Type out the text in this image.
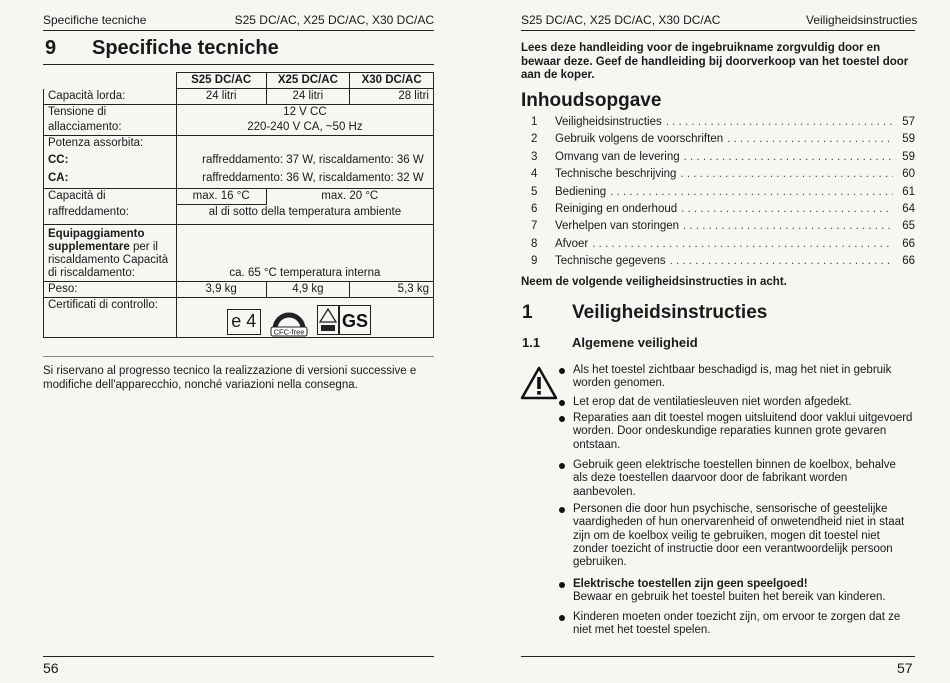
Specifiche tecniche	S25 DC/AC, X25 DC/AC, X30 DC/AC
9 Specifiche tecniche
	S25 DC/AC	X25 DC/AC	X30 DC/AC
Capacità lorda:	24 litri	24 litri	28 litri
Tensione di	12 V CC		
allacciamento:	220-240 V CA, ~50 Hz		
Potenza assorbita:			
CC:	raffreddamento: 37 W, riscaldamento: 36 W		
CA:	raffreddamento: 36 W, riscaldamento: 32 W		
Capacità di	max. 16 °C	max. 20 °C	
raffreddamento:	al di sotto della temperatura ambiente		
Equipaggiamento supplementare per il riscaldamento Capacità di riscaldamento:	ca. 65 °C temperatura interna		
Peso:	3,9 kg	4,9 kg	5,3 kg
Certificati di controllo:	e 4
CFC-free
GS		
Si riservano al progresso tecnico la realizzazione di versioni successive e modifiche dell'apparecchio, nonché variazioni nella consegna.
56
S25 DC/AC, X25 DC/AC, X30 DC/AC	Veiligheidsinstructies
Lees deze handleiding voor de ingebruikname zorgvuldig door en bewaar deze. Geef de handleiding bij doorverkoop van het toestel door aan de koper.
Inhoudsopgave
1	Veiligheidsinstructies . . .	57
2	Gebruik volgens de voorschriften . . .	59
3	Omvang van de levering . . .	59
4	Technische beschrijving . . .	60
5	Bediening . . .	61
6	Reiniging en onderhoud . . .	64
7	Verhelpen van storingen . . .	65
8	Afvoer . . .	66
9	Technische gegevens . . .	66
Neem de volgende veiligheidsinstructies in acht.
1 Veiligheidsinstructies
1.1 Algemene veiligheid
Als het toestel zichtbaar beschadigd is, mag het niet in gebruik worden genomen.
Let erop dat de ventilatiesleuven niet worden afgedekt.
Reparaties aan dit toestel mogen uitsluitend door vaklui uitgevoerd worden. Door ondeskundige reparaties kunnen grote gevaren ontstaan.
Gebruik geen elektrische toestellen binnen de koelbox, behalve als deze toestellen daarvoor door de fabrikant worden aanbevolen.
Personen die door hun psychische, sensorische of geestelijke vaardigheden of hun onervarenheid of onwetendheid niet in staat zijn om de koelbox veilig te gebruiken, mogen dit toestel niet zonder toezicht of instructie door een verantwoordelijk persoon gebruiken.
Elektrische toestellen zijn geen speelgoed!
Bewaar en gebruik het toestel buiten het bereik van kinderen.
Kinderen moeten onder toezicht zijn, om ervoor te zorgen dat ze niet met het toestel spelen.
57
